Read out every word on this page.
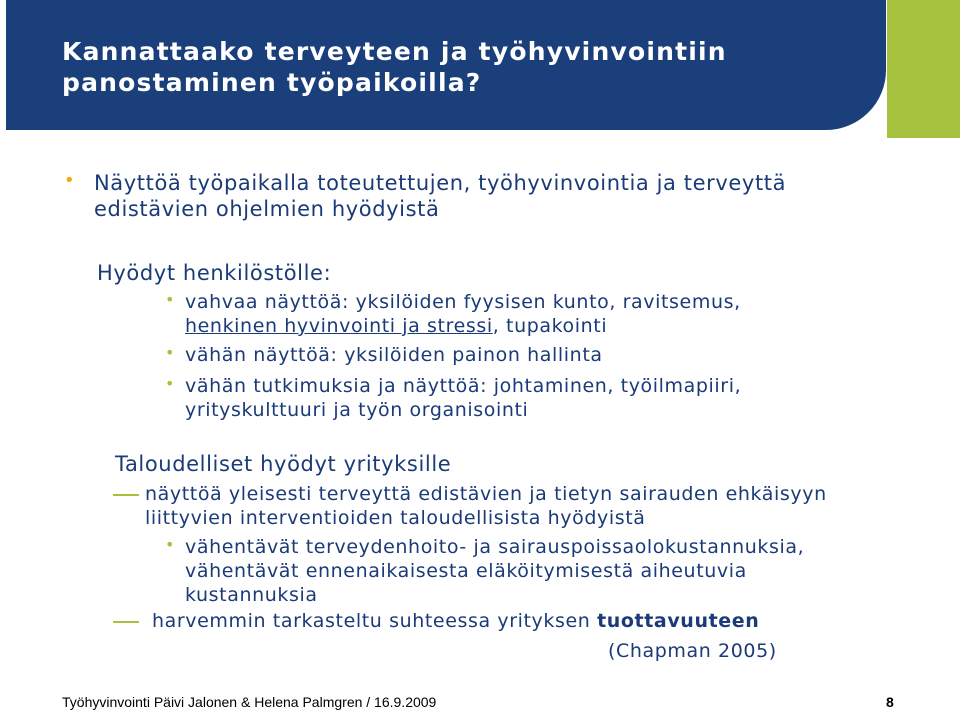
Kannattaako terveyteen ja työhyvinvointiin panostaminen työpaikoilla?
• Näyttöä työpaikalla toteutettujen, työhyvinvointia ja terveyttä edistävien ohjelmien hyödyistä
Hyödyt henkilöstölle:
• vahvaa näyttöä: yksilöiden fyysisen kunto, ravitsemus,
henkinen hyvinvointi ja stressi, tupakointi
• vähän näyttöä: yksilöiden painon hallinta
• vähän tutkimuksia ja näyttöä: johtaminen, työilmapiiri, yrityskulttuuri ja työn organisointi
Taloudelliset hyödyt yrityksille
näyttöä yleisesti terveyttä edistävien ja tietyn sairauden ehkäisyyn liittyvien interventioiden taloudellisista hyödyistä
• vähentävät terveydenhoito- ja sairauspoissaolokustannuksia, vähentävät ennenaikaisesta eläköitymisestä aiheutuvia kustannuksia
harvemmin tarkasteltu suhteessa yrityksen tuottavuuteen
(Chapman 2005)
Työhyvinvointi Päivi Jalonen & Helena Palmgren / 16.9.2009	8
